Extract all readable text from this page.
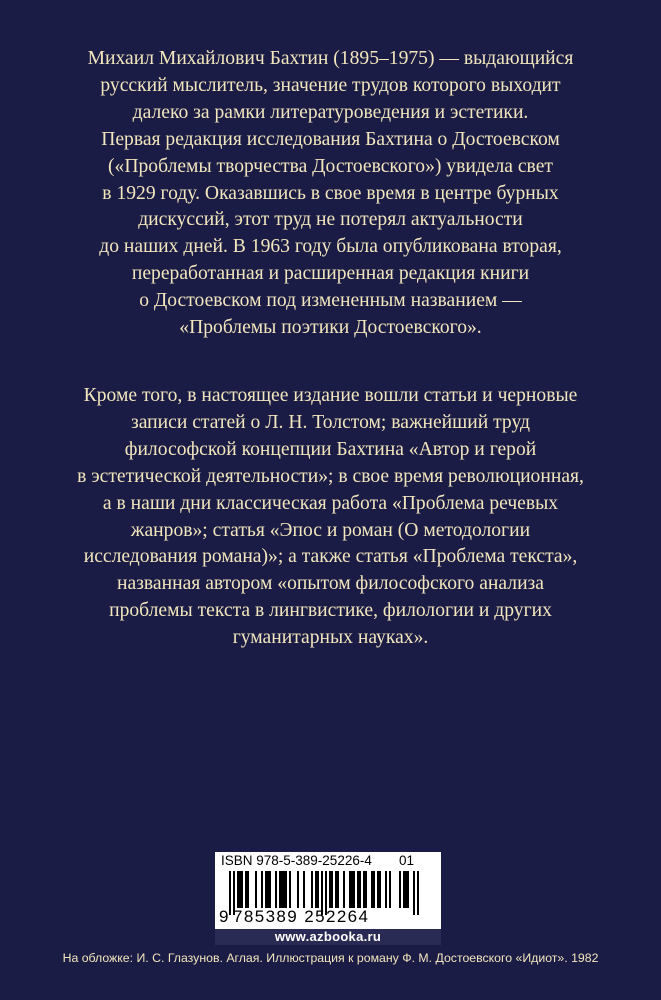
Михаил Михайлович Бахтин (1895–1975) — выдающийся
русский мыслитель, значение трудов которого выходит
далеко за рамки литературоведения и эстетики.
Первая редакция исследования Бахтина о Достоевском
(«Проблемы творчества Достоевского») увидела свет
в 1929 году. Оказавшись в свое время в центре бурных
дискуссий, этот труд не потерял актуальности
до наших дней. В 1963 году была опубликована вторая,
переработанная и расширенная редакция книги
о Достоевском под измененным названием —
«Проблемы поэтики Достоевского».

Кроме того, в настоящее издание вошли статьи и черновые
записи статей о Л. Н. Толстом; важнейший труд
философской концепции Бахтина «Автор и герой
в эстетической деятельности»; в свое время революционная,
а в наши дни классическая работа «Проблема речевых
жанров»; статья «Эпос и роман (О методологии
исследования романа)»; а также статья «Проблема текста»,
названная автором «опытом философского анализа
проблемы текста в лингвистике, филологии и других
гуманитарных науках».

ISBN 978-5-389-25226-4 01
9 785389 252264
www.azbooka.ru
На обложке: И. С. Глазунов. Аглая. Иллюстрация к роману Ф. М. Достоевского «Идиот». 1982
